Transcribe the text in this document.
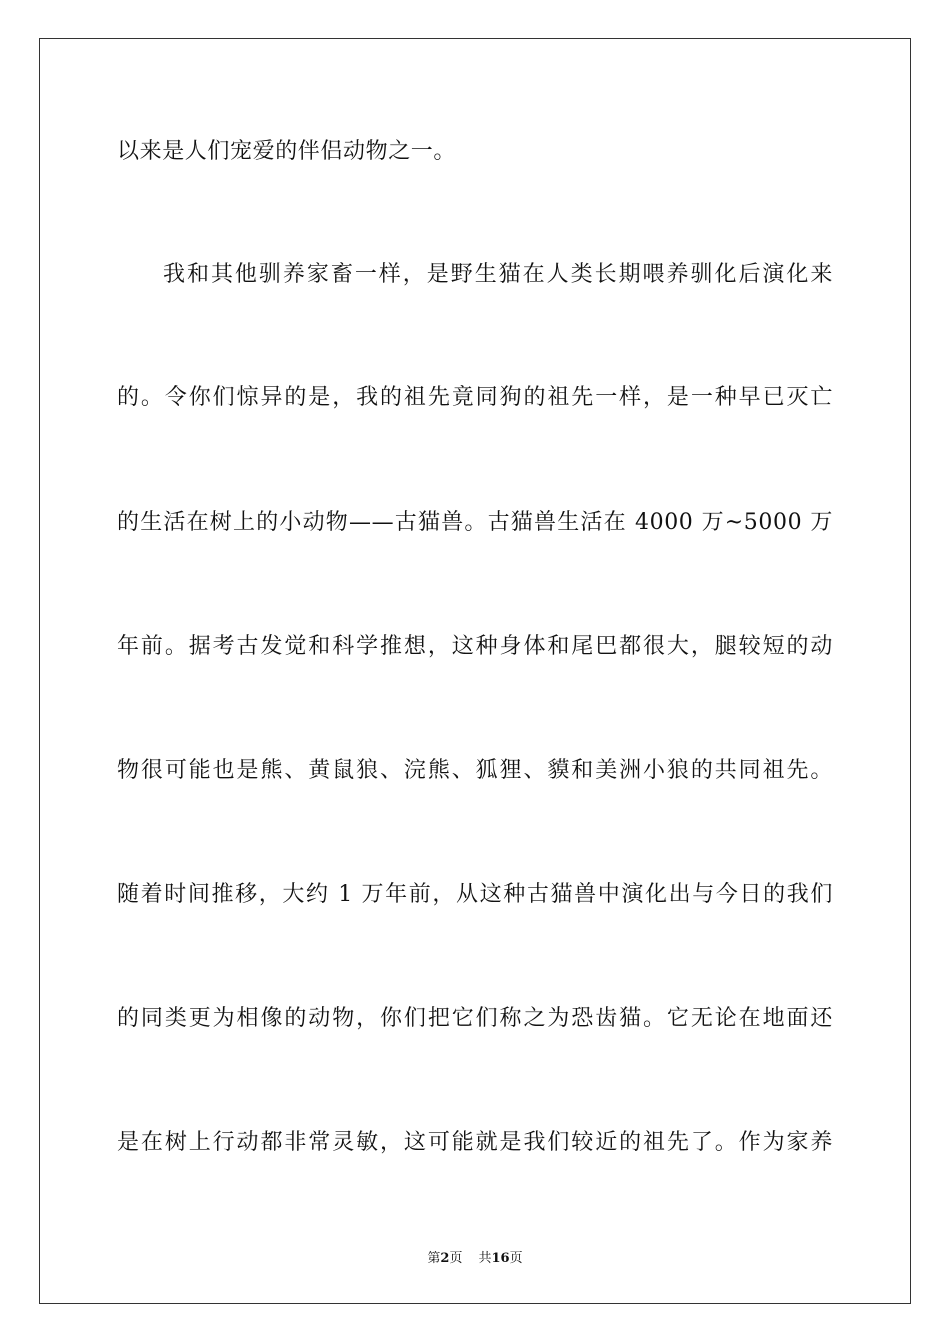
以来是人们宠爱的伴侣动物之一。
我和其他驯养家畜一样，是野生猫在人类长期喂养驯化后演化来
的。令你们惊异的是，我的祖先竟同狗的祖先一样，是一种早已灭亡
的生活在树上的小动物——古猫兽。古猫兽生活在 4000 万~5000 万
年前。据考古发觉和科学推想，这种身体和尾巴都很大，腿较短的动
物很可能也是熊、黄鼠狼、浣熊、狐狸、貘和美洲小狼的共同祖先。
随着时间推移，大约 1 万年前，从这种古猫兽中演化出与今日的我们
的同类更为相像的动物，你们把它们称之为恐齿猫。它无论在地面还
是在树上行动都非常灵敏，这可能就是我们较近的祖先了。作为家养
第2页 共16页
